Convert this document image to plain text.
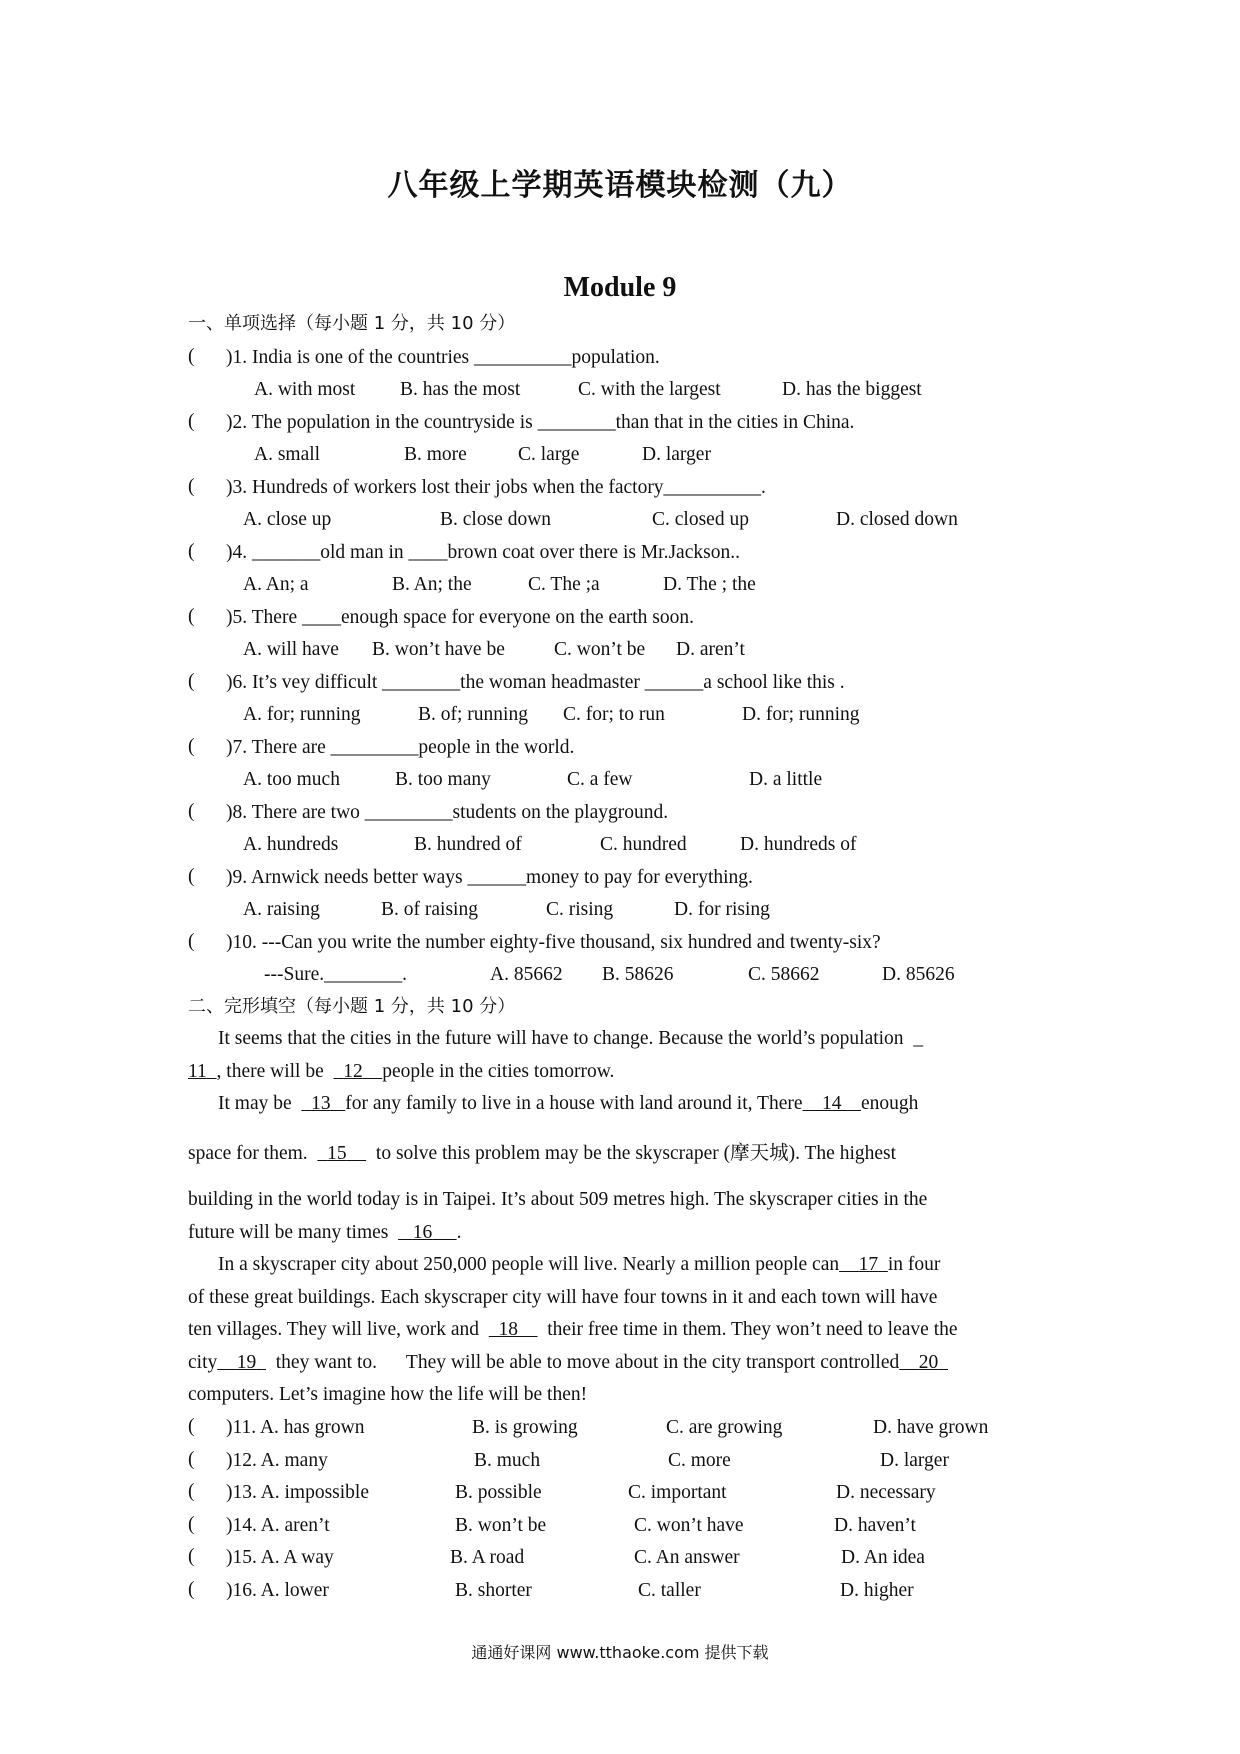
八年级上学期英语模块检测（九）
Module 9
一、单项选择（每小题 1 分，共 10 分）
( )1. India is one of the countries __________population.
A. with most B. has the most	C. with the largest	D. has the biggest
( )2. The population in the countryside is ________than that in the cities in China.
A. small	B. more	C. large	D. larger
( )3. Hundreds of workers lost their jobs when the factory__________.
A. close up	B. close down	C. closed up	D. closed down
( )4. _______old man in ____brown coat over there is Mr.Jackson..
A. An; a	B. An; the	C. The ;a	D. The ; the
( )5. There ____enough space for everyone on the earth soon.
A. will have B. won’t have be	C. won’t be D. aren’t
( )6. It’s vey difficult ________the woman headmaster ______a school like this .
A. for; running	B. of; running C. for; to run	D. for; running
( )7. There are _________people in the world.
A. too much	B. too many	C. a few	D. a little
( )8. There are two _________students on the playground.
A. hundreds	B. hundred of	C. hundred	D. hundreds of
( )9. Arnwick needs better ways ______money to pay for everything.
A. raising	B. of raising	C. rising	D. for rising
( )10. ---Can you write the number eighty-five thousand, six hundred and twenty-six?
---Sure.________.	A. 85662 B. 58626	C. 58662	D. 85626
二、完形填空（每小题 1 分，共 10 分）
It seems that the cities in the future will have to change. Because the world’s population  _
11 , there will be 12 people in the cities tomorrow.
It may be 13 for any family to live in a house with land around it, There 14 enough
space for them. 15 to solve this problem may be the skyscraper (摩天城). The highest
building in the world today is in Taipei. It’s about 509 metres high. The skyscraper cities in the
future will be many times 16 .
In a skyscraper city about 250,000 people will live. Nearly a million people can 17 in four
of these great buildings. Each skyscraper city will have four towns in it and each town will have
ten villages. They will live, work and 18 their free time in them. They won’t need to leave the
city 19 they want to.      They will be able to move about in the city transport controlled 20
computers. Let’s imagine how the life will be then!
( )11. A. has grown	B. is growing	C. are growing	D. have grown
( )12. A. many	B. much	C. more	D. larger
( )13. A. impossible	B. possible	C. important	D. necessary
( )14. A. aren’t	B. won’t be	C. won’t have	D. haven’t
( )15. A. A way	B. A road	C. An answer	D. An idea
( )16. A. lower	B. shorter	C. taller	D. higher
通通好课网 www.tthaoke.com 提供下载
